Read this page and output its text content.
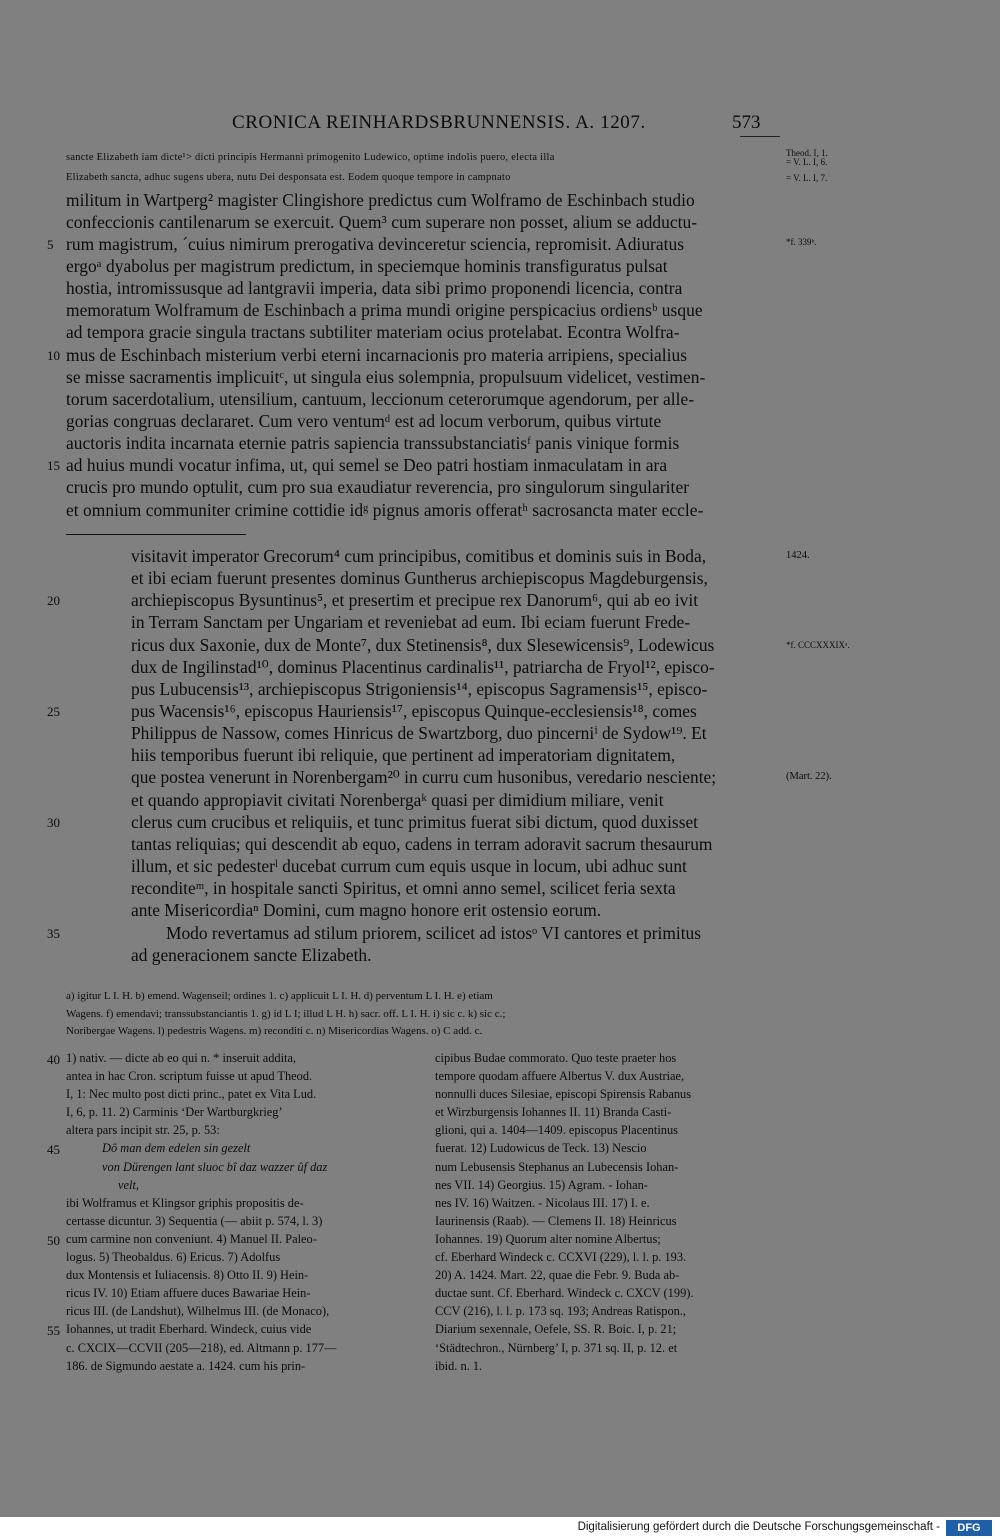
CRONICA REINHARDSBRUNNENSIS. A. 1207.	573
sancte Elizabeth iam dicte¹> dicti principis Hermanni primogenito Ludewico, optime indolis puero, electa illa
Elizabeth sancta, adhuc sugens ubera, nutu Dei desponsata est. Eodem quoque tempore in campnato
militum in Wartperg² magister Clingishore predictus cum Wolframo de Eschinbach studio
confeccionis cantilenarum se exercuit. Quem³ cum superare non posset, alium se adductu-
rum magistrum, ˊcuius nimirum prerogativa devinceretur sciencia, repromisit. Adiuratus
ergoᵃ dyabolus per magistrum predictum, in speciemque hominis transfiguratus pulsat
hostia, intromissusque ad lantgravii imperia, data sibi primo proponendi licencia, contra
memoratum Wolframum de Eschinbach a prima mundi origine perspicacius ordiensᵇ usque
ad tempora gracie singula tractans subtiliter materiam ocius protelabat. Econtra Wolfra-
mus de Eschinbach misterium verbi eterni incarnacionis pro materia arripiens, specialius
se misse sacramentis implicuitᶜ, ut singula eius solempnia, propulsuum videlicet, vestimen-
torum sacerdotalium, utensilium, cantuum, leccionum ceterorumque agendorum, per alle-
gorias congruas declararet. Cum vero ventumᵈ est ad locum verborum, quibus virtute
auctoris indita incarnata eternie patris sapiencia transsubstanciatisᶠ panis vinique formis
ad huius mundi vocatur infima, ut, qui semel se Deo patri hostiam inmaculatam in ara
crucis pro mundo optulit, cum pro sua exaudiatur reverencia, pro singulorum singulariter
et omnium communiter crimine cottidie idᵍ pignus amoris offeratʰ sacrosancta mater eccle-
5
10
15
Theod. I, 1.
= V. L. I, 6.
= V. L. I, 7.
*f. 339ᵇ.
1424.
*f. CCCXXXIXᵃ.
(Mart. 22).
visitavit imperator Grecorum⁴ cum principibus, comitibus et dominis suis in Boda,
et ibi eciam fuerunt presentes dominus Guntherus archiepiscopus Magdeburgensis,
archiepiscopus Bysuntinus⁵, et presertim et precipue rex Danorum⁶, qui ab eo ivit
in Terram Sanctam per Ungariam et reveniebat ad eum. Ibi eciam fuerunt Frede-
ricus dux Saxonie, dux de Monte⁷, dux Stetinensis⁸, dux Slesewicensis⁹, Lodewicus
dux de Ingilinstad¹⁰, dominus Placentinus cardinalis¹¹, patriarcha de Fryol¹², episco-
pus Lubucensis¹³, archiepiscopus Strigoniensis¹⁴, episcopus Sagramensis¹⁵, episco-
pus Wacensis¹⁶, episcopus Hauriensis¹⁷, episcopus Quinque-ecclesiensis¹⁸, comes
Philippus de Nassow, comes Hinricus de Swartzborg, duo pincerniⁱ de Sydow¹⁹. Et
hiis temporibus fuerunt ibi reliquie, que pertinent ad imperatoriam dignitatem,
que postea venerunt in Norenbergam²⁰ in curru cum husonibus, veredario nesciente;
et quando appropiavit civitati Norenbergaᵏ quasi per dimidium miliare, venit
clerus cum crucibus et reliquiis, et tunc primitus fuerat sibi dictum, quod duxisset
tantas reliquias; qui descendit ab equo, cadens in terram adoravit sacrum thesaurum
illum, et sic pedesterˡ ducebat currum cum equis usque in locum, ubi adhuc sunt
reconditeᵐ, in hospitale sancti Spiritus, et omni anno semel, scilicet feria sexta
ante Misericordiaⁿ Domini, cum magno honore erit ostensio eorum.
Modo revertamus ad stilum priorem, scilicet ad istosᵒ VI cantores et primitus
ad generacionem sancte Elizabeth.
20
25
30
35
a) igitur L I. H. b) emend. Wagenseil; ordines 1. c) applicuit L I. H. d) perventum L I. H. e) etiam
Wagens. f) emendavi; transsubstanciantis 1. g) id L I; illud L H. h) sacr. off. L I. H. i) sic c. k) sic c.;
Noribergae Wagens. l) pedestris Wagens. m) reconditi c. n) Misericordias Wagens. o) C add. c.
1) nativ. — dicte ab eo qui n. * inseruit addita,
antea in hac Cron. scriptum fuisse ut apud Theod.
I, 1: Nec multo post dicti princ., patet ex Vita Lud.
I, 6, p. 11. 2) Carminis ‘Der Wartburgkrieg’
altera pars incipit str. 25, p. 53:
Dô man dem edelen sin gezelt
von Dürengen lant sluoc bî daz wazzer ûf daz
velt,
ibi Wolframus et Klingsor griphis propositis de-
certasse dicuntur. 3) Sequentia (— abiit p. 574, l. 3)
cum carmine non conveniunt. 4) Manuel II. Paleo-
logus. 5) Theobaldus. 6) Ericus. 7) Adolfus
dux Montensis et Iuliacensis. 8) Otto II. 9) Hein-
ricus IV. 10) Etiam affuere duces Bawariae Hein-
ricus III. (de Landshut), Wilhelmus III. (de Monaco),
Iohannes, ut tradit Eberhard. Windeck, cuius vide
c. CXCIX—CCVII (205—218), ed. Altmann p. 177—
186. de Sigmundo aestate a. 1424. cum his prin-
cipibus Budae commorato. Quo teste praeter hos
tempore quodam affuere Albertus V. dux Austriae,
nonnulli duces Silesiae, episcopi Spirensis Rabanus
et Wirzburgensis Iohannes II. 11) Branda Casti-
glioni, qui a. 1404—1409. episcopus Placentinus
fuerat. 12) Ludowicus de Teck. 13) Nescio
num Lebusensis Stephanus an Lubecensis Iohan-
nes VII. 14) Georgius. 15) Agram. - Iohan-
nes IV. 16) Waitzen. - Nicolaus III. 17) I. e.
Iaurinensis (Raab). — Clemens II. 18) Heinricus
Iohannes. 19) Quorum alter nomine Albertus;
cf. Eberhard Windeck c. CCXVI (229), l. l. p. 193.
20) A. 1424. Mart. 22, quae die Febr. 9. Buda ab-
ductae sunt. Cf. Eberhard. Windeck c. CXCV (199).
CCV (216), l. l. p. 173 sq. 193; Andreas Ratispon.,
Diarium sexennale, Oefele, SS. R. Boic. I, p. 21;
‘Städtechron., Nürnberg’ I, p. 371 sq. II, p. 12. et
ibid. n. 1.
40
45
50
55
Digitalisierung gefördert durch die Deutsche Forschungsgemeinschaft -	DFG
